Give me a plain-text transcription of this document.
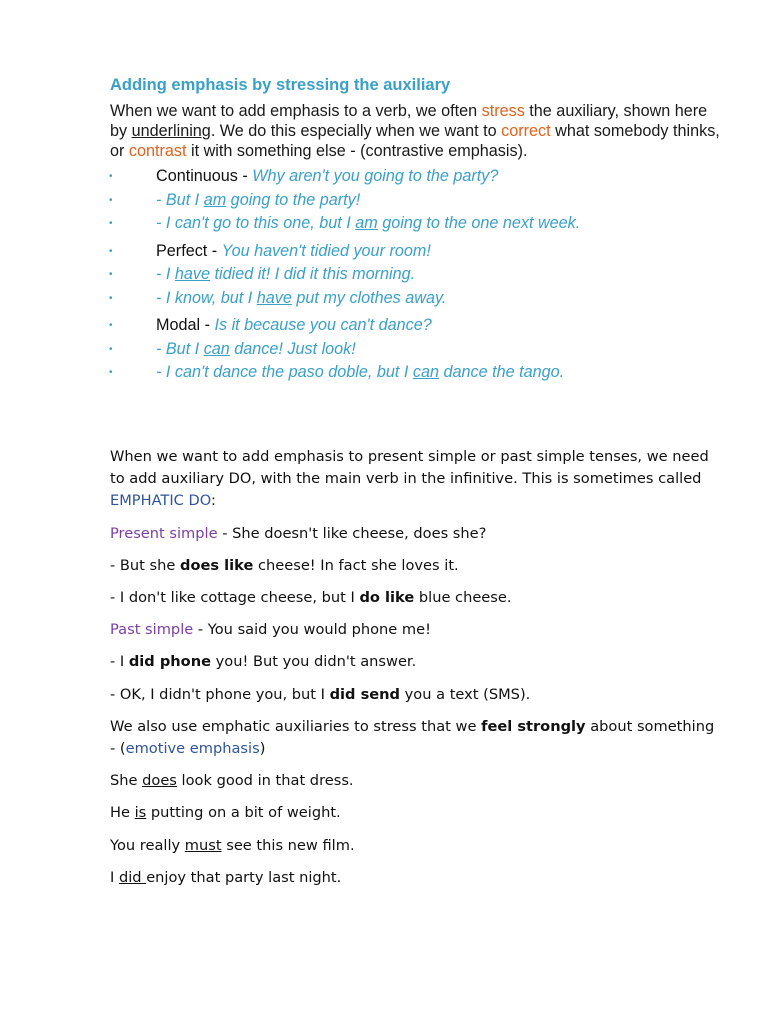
Adding emphasis by stressing the auxiliary

When we want to add emphasis to a verb, we often stress the auxiliary, shown here by underlining. We do this especially when we want to correct what somebody thinks, or contrast it with something else - (contrastive emphasis).

•	Continuous - Why aren't you going to the party?
•	- But I am going to the party!
•	- I can't go to this one, but I am going to the one next week.
•	Perfect - You haven't tidied your room!
•	- I have tidied it! I did it this morning.
•	- I know, but I have put my clothes away.
•	Modal - Is it because you can't dance?
•	- But I can dance! Just look!
•	- I can't dance the paso doble, but I can dance the tango.

When we want to add emphasis to present simple or past simple tenses, we need to add auxiliary DO, with the main verb in the infinitive. This is sometimes called EMPHATIC DO:

Present simple - She doesn't like cheese, does she?

- But she does like cheese! In fact she loves it.

- I don't like cottage cheese, but I do like blue cheese.

Past simple - You said you would phone me!

- I did phone you! But you didn't answer.

- OK, I didn't phone you, but I did send you a text (SMS).

We also use emphatic auxiliaries to stress that we feel strongly about something - (emotive emphasis)

She does look good in that dress.

He is putting on a bit of weight.

You really must see this new film.

I did enjoy that party last night.
